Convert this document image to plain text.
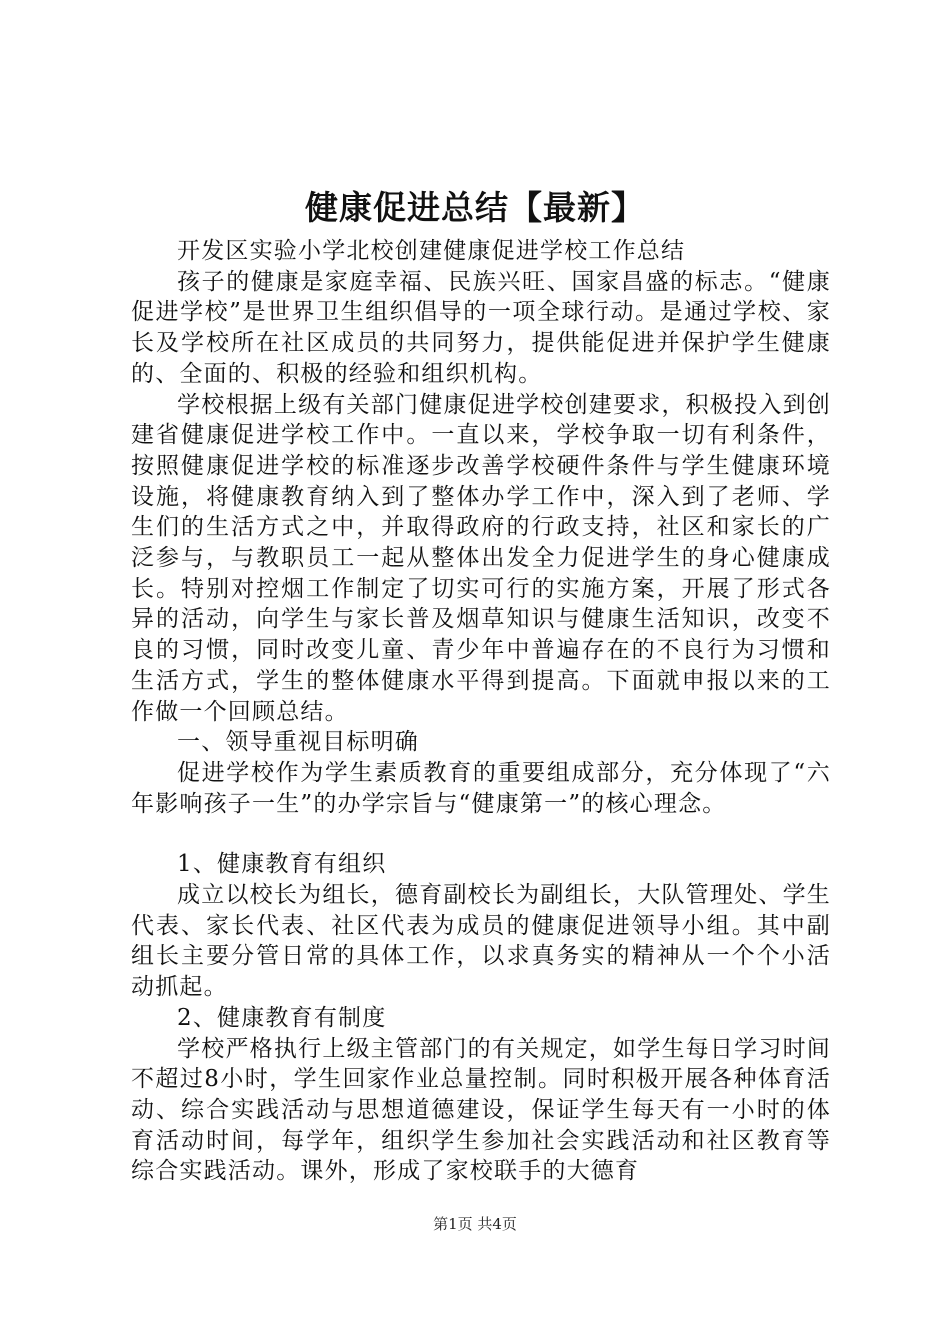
健康促进总结【最新】

开发区实验小学北校创建健康促进学校工作总结

孩子的健康是家庭幸福、民族兴旺、国家昌盛的标志。“健康促进学校”是世界卫生组织倡导的一项全球行动。是通过学校、家长及学校所在社区成员的共同努力，提供能促进并保护学生健康的、全面的、积极的经验和组织机构。

学校根据上级有关部门健康促进学校创建要求，积极投入到创建省健康促进学校工作中。一直以来，学校争取一切有利条件，按照健康促进学校的标准逐步改善学校硬件条件与学生健康环境设施，将健康教育纳入到了整体办学工作中，深入到了老师、学生们的生活方式之中，并取得政府的行政支持，社区和家长的广泛参与，与教职员工一起从整体出发全力促进学生的身心健康成长。特别对控烟工作制定了切实可行的实施方案，开展了形式各异的活动，向学生与家长普及烟草知识与健康生活知识，改变不良的习惯，同时改变儿童、青少年中普遍存在的不良行为习惯和生活方式，学生的整体健康水平得到提高。下面就申报以来的工作做一个回顾总结。

一、领导重视目标明确

促进学校作为学生素质教育的重要组成部分，充分体现了“六年影响孩子一生”的办学宗旨与“健康第一”的核心理念。

1、健康教育有组织

成立以校长为组长，德育副校长为副组长，大队管理处、学生代表、家长代表、社区代表为成员的健康促进领导小组。其中副组长主要分管日常的具体工作，以求真务实的精神从一个个小活动抓起。

2、健康教育有制度

学校严格执行上级主管部门的有关规定，如学生每日学习时间不超过8小时，学生回家作业总量控制。同时积极开展各种体育活动、综合实践活动与思想道德建设，保证学生每天有一小时的体育活动时间，每学年，组织学生参加社会实践活动和社区教育等综合实践活动。课外，形成了家校联手的大德育

第1页 共4页
